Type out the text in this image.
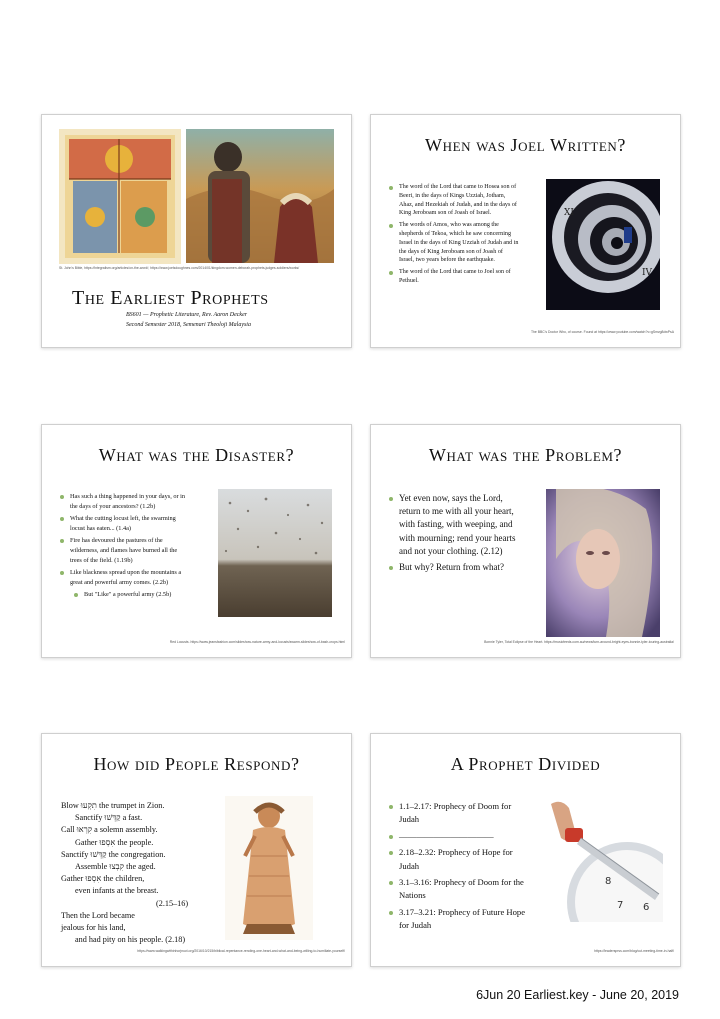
St. John's Bible, https://integralism.org/articles/on-the-word/; https://www.joelsdoughnes.com/2014/01/kingdom-women-deborah-prophets-judges-soldiers/works/
The Earliest Prophets
BS601 — Prophetic Literature, Rev. Aaron Decker
Second Semester 2018, Semenari Theoloji Malaysia
When was Joel Written?
The word of the Lord that came to Hosea son of Beeri, in the days of Kings Uzziah, Jotham, Ahaz, and Hezekiah of Judah, and in the days of King Jeroboam son of Joash of Israel.
The words of Amos, who was among the shepherds of Tekoa, which he saw concerning Israel in the days of King Uzziah of Judah and in the days of King Jeroboam son of Joash of Israel, two years before the earthquake.
The word of the Lord that came to Joel son of Pethuel.
XI
IV
The BBC's Doctor Who, of course. Found at https://www.youtube.com/watch?v=gSmzg8dwPsA
What was the Disaster?
Has such a thing happened in your days, or in the days of your ancestors? (1.2b)
What the cutting locust left, the swarming locust has eaten... (1.4a)
Fire has devoured the pastures of the wilderness, and flames have burned all the trees of the field. (1.19b)
Like blackness spread upon the mountains a great and powerful army comes. (2.2b)
But "Like" a powerful army (2.5b)
Red Locusts. https://www.jeansfashion.com/slideshow-nature-army-and-locusts/swarm-slideshow-of-bash-crops.html
What was the Problem?
Yet even now, says the Lord, return to me with all your heart, with fasting, with weeping, and with mourning; rend your hearts and not your clothing. (2.12)
But why? Return from what?
Bonnie Tyler, Total Eclipse of the Heart. https://musicfeeds.com.au/news/turn-around-bright-eyes-bonnie-tyler-touring-australia/
How did People Respond?
Blow תִקְעוּ the trumpet in Zion.
Sanctify קַדְּשׁוּ a fast.
Call קִרְאוּ a solemn assembly.
Gather אִסְפוּ the people.
Sanctify קַדְּשׁוּ the congregation.
Assemble קִבְצוּ the aged.
Gather אִסְפוּ the children,
even infants at the breast.
(2.15–16)
Then the Lord became
jealous for his land,
and had pity on his people. (2.18)
https://www.walkingwithinhorjnuct.org/2016/10/215/biblical-repentance-rending-one-heart-and-what-and-being-willing-to-humiliate-yourself/
A Prophet Divided
1.1–2.17: Prophecy of Doom for Judah
———————————
2.18–2.32: Prophecy of Hope for Judah
3.1–3.16: Prophecy of Doom for the Nations
3.17–3.21: Prophecy of Future Hope for Judah
8
7 6
https://leadersprss.com/blog/cut-meeting-time-in-half/
6Jun 20 Earliest.key - June 20, 2019
